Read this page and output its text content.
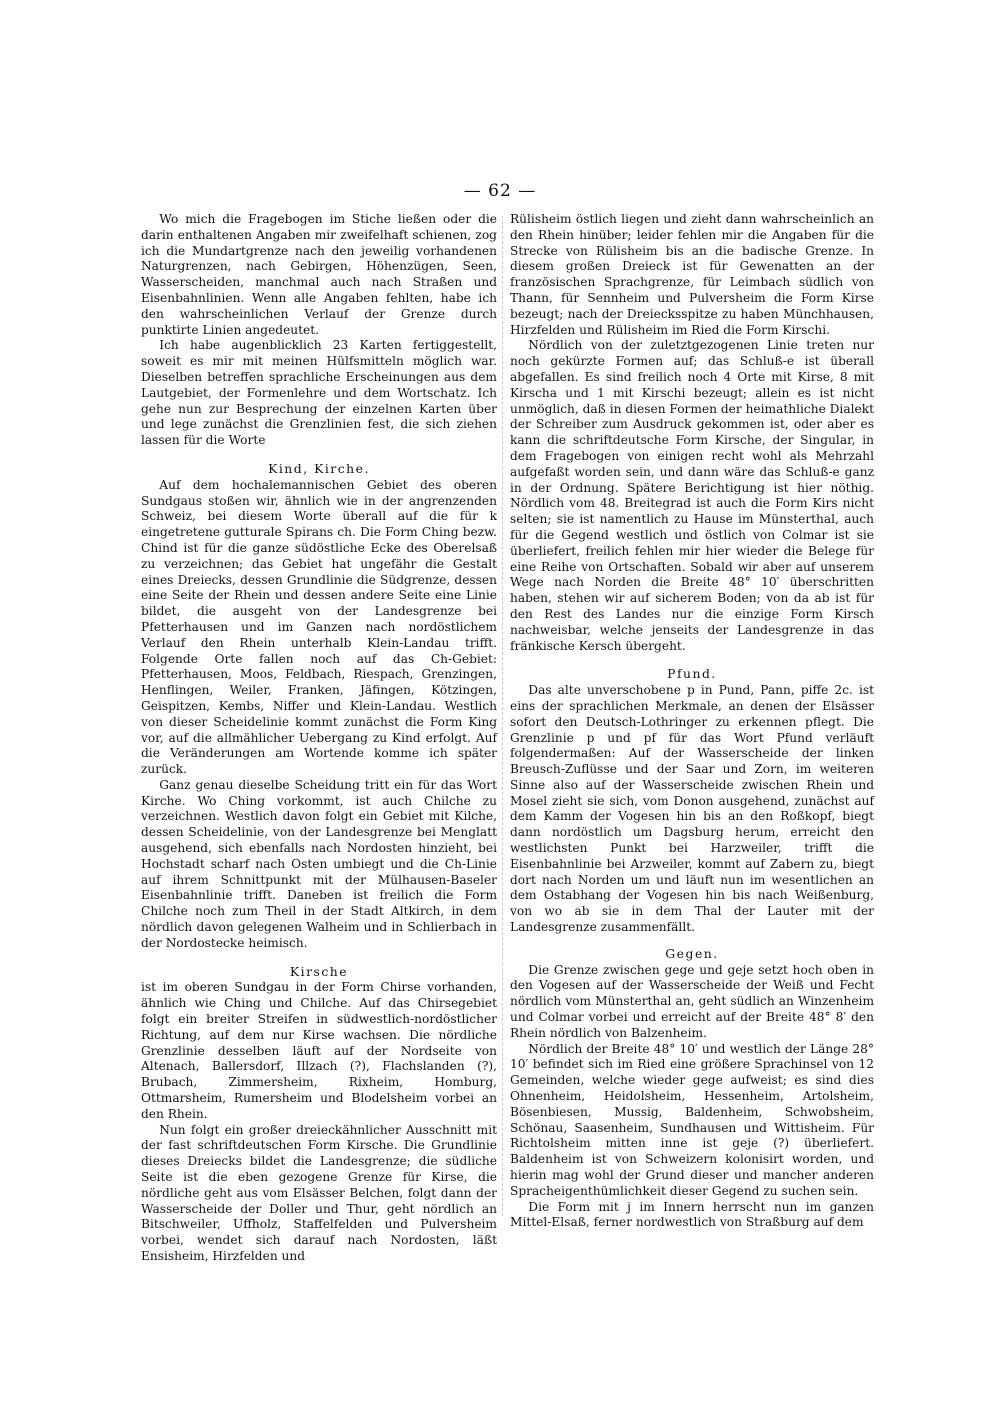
— 62 —

Wo mich die Fragebogen im Stiche ließen oder die darin enthaltenen Angaben mir zweifelhaft schienen, zog ich die Mundartgrenze nach den jeweilig vorhandenen Naturgrenzen, nach Gebirgen, Höhenzügen, Seen, Wasserscheiden, manchmal auch nach Straßen und Eisenbahnlinien. Wenn alle Angaben fehlten, habe ich den wahrscheinlichen Verlauf der Grenze durch punktirte Linien angedeutet.

Ich habe augenblicklich 23 Karten fertiggestellt, soweit es mir mit meinen Hülfsmitteln möglich war. Dieselben betreffen sprachliche Erscheinungen aus dem Lautgebiet, der Formenlehre und dem Wortschatz. Ich gehe nun zur Besprechung der einzelnen Karten über und lege zunächst die Grenzlinien fest, die sich ziehen lassen für die Worte

Kind, Kirche.

Auf dem hochalemannischen Gebiet des oberen Sundgaus stoßen wir, ähnlich wie in der angrenzenden Schweiz, bei diesem Worte überall auf die für k eingetretene gutturale Spirans ch. Die Form Ching bezw. Chind ist für die ganze südöstliche Ecke des Oberelsaß zu verzeichnen; das Gebiet hat ungefähr die Gestalt eines Dreiecks, dessen Grundlinie die Südgrenze, dessen eine Seite der Rhein und dessen andere Seite eine Linie bildet, die ausgeht von der Landesgrenze bei Pfetterhausen und im Ganzen nach nordöstlichem Verlauf den Rhein unterhalb Klein-Landau trifft. Folgende Orte fallen noch auf das Ch-Gebiet: Pfetterhausen, Moos, Feldbach, Riespach, Grenzingen, Henflingen, Weiler, Franken, Jäfingen, Kötzingen, Geispitzen, Kembs, Niffer und Klein-Landau. Westlich von dieser Scheidelinie kommt zunächst die Form King vor, auf die allmählicher Uebergang zu Kind erfolgt. Auf die Veränderungen am Wortende komme ich später zurück.

Ganz genau dieselbe Scheidung tritt ein für das Wort Kirche. Wo Ching vorkommt, ist auch Chilche zu verzeichnen. Westlich davon folgt ein Gebiet mit Kilche, dessen Scheidelinie, von der Landesgrenze bei Menglatt ausgehend, sich ebenfalls nach Nordosten hinzieht, bei Hochstadt scharf nach Osten umbiegt und die Ch-Linie auf ihrem Schnittpunkt mit der Mülhausen-Baseler Eisenbahnlinie trifft. Daneben ist freilich die Form Chilche noch zum Theil in der Stadt Altkirch, in dem nördlich davon gelegenen Walheim und in Schlierbach in der Nordostecke heimisch.

Kirsche

ist im oberen Sundgau in der Form Chirse vorhanden, ähnlich wie Ching und Chilche. Auf das Chirsegebiet folgt ein breiter Streifen in südwestlich-nordöstlicher Richtung, auf dem nur Kirse wachsen. Die nördliche Grenzlinie desselben läuft auf der Nordseite von Altenach, Ballersdorf, Illzach (?), Flachslanden (?), Brubach, Zimmersheim, Rixheim, Homburg, Ottmarsheim, Rumersheim und Blodelsheim vorbei an den Rhein.

Nun folgt ein großer dreieckähnlicher Ausschnitt mit der fast schriftdeutschen Form Kirsche. Die Grundlinie dieses Dreiecks bildet die Landesgrenze; die südliche Seite ist die eben gezogene Grenze für Kirse, die nördliche geht aus vom Elsässer Belchen, folgt dann der Wasserscheide der Doller und Thur, geht nördlich an Bitschweiler, Uffholz, Staffelfelden und Pulversheim vorbei, wendet sich darauf nach Nordosten, läßt Ensisheim, Hirzfelden und

Rülisheim östlich liegen und zieht dann wahrscheinlich an den Rhein hinüber; leider fehlen mir die Angaben für die Strecke von Rülisheim bis an die badische Grenze. In diesem großen Dreieck ist für Gewenatten an der französischen Sprachgrenze, für Leimbach südlich von Thann, für Sennheim und Pulversheim die Form Kirse bezeugt; nach der Dreiecksspitze zu haben Münchhausen, Hirzfelden und Rülisheim im Ried die Form Kirschi.

Nördlich von der zuletztgezogenen Linie treten nur noch gekürzte Formen auf; das Schluß-e ist überall abgefallen. Es sind freilich noch 4 Orte mit Kirse, 8 mit Kirscha und 1 mit Kirschi bezeugt; allein es ist nicht unmöglich, daß in diesen Formen der heimathliche Dialekt der Schreiber zum Ausdruck gekommen ist, oder aber es kann die schriftdeutsche Form Kirsche, der Singular, in dem Fragebogen von einigen recht wohl als Mehrzahl aufgefaßt worden sein, und dann wäre das Schluß-e ganz in der Ordnung. Spätere Berichtigung ist hier nöthig. Nördlich vom 48. Breitegrad ist auch die Form Kirs nicht selten; sie ist namentlich zu Hause im Münsterthal, auch für die Gegend westlich und östlich von Colmar ist sie überliefert, freilich fehlen mir hier wieder die Belege für eine Reihe von Ortschaften. Sobald wir aber auf unserem Wege nach Norden die Breite 48° 10′ überschritten haben, stehen wir auf sicherem Boden; von da ab ist für den Rest des Landes nur die einzige Form Kirsch nachweisbar, welche jenseits der Landesgrenze in das fränkische Kersch übergeht.

Pfund.

Das alte unverschobene p in Pund, Pann, piffe 2c. ist eins der sprachlichen Merkmale, an denen der Elsässer sofort den Deutsch-Lothringer zu erkennen pflegt. Die Grenzlinie p und pf für das Wort Pfund verläuft folgendermaßen: Auf der Wasserscheide der linken Breusch-Zuflüsse und der Saar und Zorn, im weiteren Sinne also auf der Wasserscheide zwischen Rhein und Mosel zieht sie sich, vom Donon ausgehend, zunächst auf dem Kamm der Vogesen hin bis an den Roßkopf, biegt dann nordöstlich um Dagsburg herum, erreicht den westlichsten Punkt bei Harzweiler, trifft die Eisenbahnlinie bei Arzweiler, kommt auf Zabern zu, biegt dort nach Norden um und läuft nun im wesentlichen an dem Ostabhang der Vogesen hin bis nach Weißenburg, von wo ab sie in dem Thal der Lauter mit der Landesgrenze zusammenfällt.

Gegen.

Die Grenze zwischen gege und geje setzt hoch oben in den Vogesen auf der Wasserscheide der Weiß und Fecht nördlich vom Münsterthal an, geht südlich an Winzenheim und Colmar vorbei und erreicht auf der Breite 48° 8′ den Rhein nördlich von Balzenheim.

Nördlich der Breite 48° 10′ und westlich der Länge 28° 10′ befindet sich im Ried eine größere Sprachinsel von 12 Gemeinden, welche wieder gege aufweist; es sind dies Ohnenheim, Heidolsheim, Hessenheim, Artolsheim, Bösenbiesen, Mussig, Baldenheim, Schwobsheim, Schönau, Saasenheim, Sundhausen und Wittisheim. Für Richtolsheim mitten inne ist geje (?) überliefert. Baldenheim ist von Schweizern kolonisirt worden, und hierin mag wohl der Grund dieser und mancher anderen Spracheigenthümlichkeit dieser Gegend zu suchen sein.

Die Form mit j im Innern herrscht nun im ganzen Mittel-Elsaß, ferner nordwestlich von Straßburg auf dem
